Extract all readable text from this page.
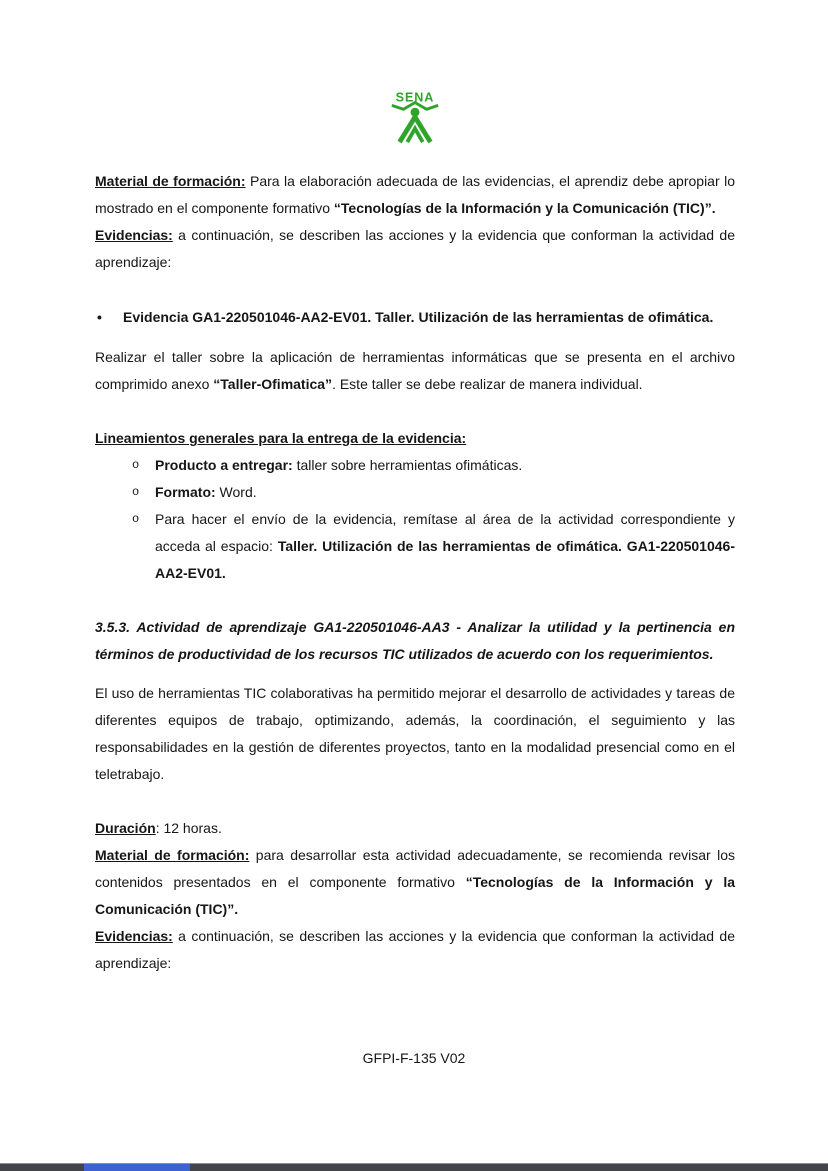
SENA

Material de formación: Para la elaboración adecuada de las evidencias, el aprendiz debe apropiar lo mostrado en el componente formativo “Tecnologías de la Información y la Comunicación (TIC)”.

Evidencias: a continuación, se describen las acciones y la evidencia que conforman la actividad de aprendizaje:

• Evidencia GA1-220501046-AA2-EV01. Taller. Utilización de las herramientas de ofimática.

Realizar el taller sobre la aplicación de herramientas informáticas que se presenta en el archivo comprimido anexo “Taller-Ofimatica”. Este taller se debe realizar de manera individual.

Lineamientos generales para la entrega de la evidencia:

o Producto a entregar: taller sobre herramientas ofimáticas.

o Formato: Word.

o Para hacer el envío de la evidencia, remítase al área de la actividad correspondiente y acceda al espacio: Taller. Utilización de las herramientas de ofimática. GA1-220501046-AA2-EV01.

3.5.3. Actividad de aprendizaje GA1-220501046-AA3 - Analizar la utilidad y la pertinencia en términos de productividad de los recursos TIC utilizados de acuerdo con los requerimientos.

El uso de herramientas TIC colaborativas ha permitido mejorar el desarrollo de actividades y tareas de diferentes equipos de trabajo, optimizando, además, la coordinación, el seguimiento y las responsabilidades en la gestión de diferentes proyectos, tanto en la modalidad presencial como en el teletrabajo.

Duración: 12 horas.

Material de formación: para desarrollar esta actividad adecuadamente, se recomienda revisar los contenidos presentados en el componente formativo “Tecnologías de la Información y la Comunicación (TIC)”.

Evidencias: a continuación, se describen las acciones y la evidencia que conforman la actividad de aprendizaje:

GFPI-F-135 V02
